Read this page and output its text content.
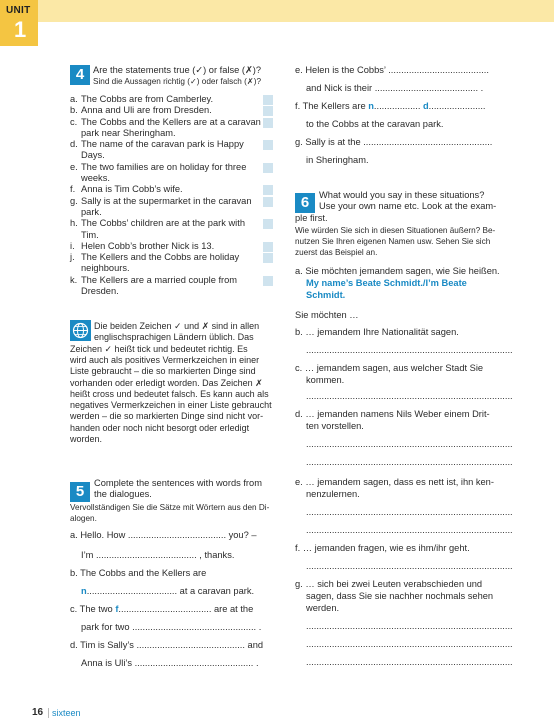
UNIT
1
4 Are the statements true (✓) or false (✗)?
Sind die Aussagen richtig (✓) oder falsch (✗)?
a. The Cobbs are from Camberley.
b. Anna and Uli are from Dresden.
c. The Cobbs and the Kellers are at a caravan
park near Sheringham.
d. The name of the caravan park is Happy
Days.
e. The two families are on holiday for three
weeks.
f. Anna is Tim Cobb’s wife.
g. Sally is at the supermarket in the caravan
park.
h. The Cobbs’ children are at the park with
Tim.
i. Helen Cobb’s brother Nick is 13.
j. The Kellers and the Cobbs are holiday
neighbours.
k. The Kellers are a married couple from
Dresden.
Die beiden Zeichen ✓ und ✗ sind in allen
englischsprachigen Ländern üblich. Das
Zeichen ✓ heißt tick und bedeutet richtig. Es
wird auch als positives Vermerkzeichen in einer
Liste gebraucht – die so markierten Dinge sind
vorhanden oder erledigt worden. Das Zeichen ✗
heißt cross und bedeutet falsch. Es kann auch als
negatives Vermerkzeichen in einer Liste gebraucht
werden – die so markierten Dinge sind nicht vor-
handen oder noch nicht besorgt oder erledigt
worden.
5	Complete the sentences with words from
the dialogues.
Vervollständigen Sie die Sätze mit Wörtern aus den Di-
alogen.
a. Hello. How ...................................... you? –
I’m ....................................... , thanks.
b. The Cobbs and the Kellers are
n................................... at a caravan park.
c. The two f.................................... are at the
park for two ................................................ .
d. Tim is Sally’s .......................................... and
Anna is Uli’s .............................................. .
e. Helen is the Cobbs’ .......................................
and Nick is their ........................................ .
f. The Kellers are n.................. d......................
to the Cobbs at the caravan park.
g. Sally is at the ..................................................
in Sheringham.
6	What would you say in these situations?
Use your own name etc. Look at the exam-
ple first.
Wie würden Sie sich in diesen Situationen äußern? Be-
nutzen Sie Ihren eigenen Namen usw. Sehen Sie sich
zuerst das Beispiel an.
a. Sie möchten jemandem sagen, wie Sie heißen.
My name’s Beate Schmidt./I’m Beate
Schmidt.
Sie möchten …
b. … jemandem Ihre Nationalität sagen.
................................................................................
c. … jemandem sagen, aus welcher Stadt Sie
kommen.
................................................................................
d. … jemanden namens Nils Weber einem Drit-
ten vorstellen.
................................................................................
................................................................................
e. … jemandem sagen, dass es nett ist, ihn ken-
nenzulernen.
................................................................................
................................................................................
f. … jemanden fragen, wie es ihm/ihr geht.
................................................................................
g. … sich bei zwei Leuten verabschieden und
sagen, dass Sie sie nachher nochmals sehen
werden.
................................................................................
................................................................................
................................................................................
16 sixteen
